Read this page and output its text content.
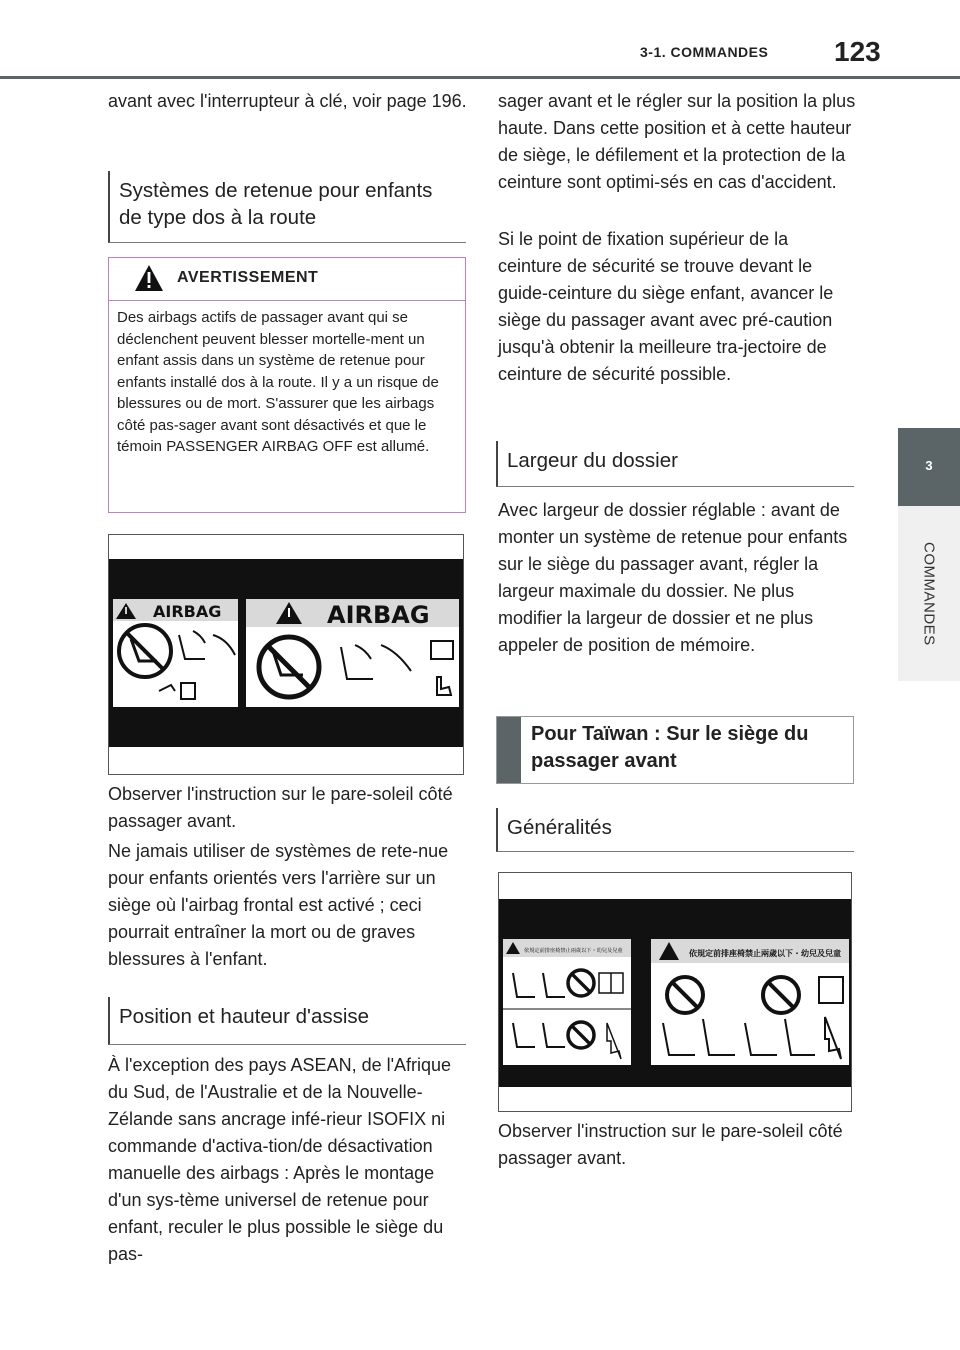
3-1. COMMANDES 123
3
COMMANDES
avant avec l'interrupteur à clé, voir page 196.
Systèmes de retenue pour enfants de type dos à la route
AVERTISSEMENT
Des airbags actifs de passager avant qui se déclenchent peuvent blesser mortelle-ment un enfant assis dans un système de retenue pour enfants installé dos à la route. Il y a un risque de blessures ou de mort. S'assurer que les airbags côté pas-sager avant sont désactivés et que le témoin PASSENGER AIRBAG OFF est allumé.
AIRBAG	AIRBAG
Observer l'instruction sur le pare-soleil côté passager avant.
Ne jamais utiliser de systèmes de rete-nue pour enfants orientés vers l'arrière sur un siège où l'airbag frontal est activé ; ceci pourrait entraîner la mort ou de graves blessures à l'enfant.
Position et hauteur d'assise
À l'exception des pays ASEAN, de l'Afrique du Sud, de l'Australie et de la Nouvelle-Zélande sans ancrage infé-rieur ISOFIX ni commande d'activa-tion/de désactivation manuelle des airbags : Après le montage d'un sys-tème universel de retenue pour enfant, reculer le plus possible le siège du pas-
sager avant et le régler sur la position la plus haute. Dans cette position et à cette hauteur de siège, le défilement et la protection de la ceinture sont optimi-sés en cas d'accident.
Si le point de fixation supérieur de la ceinture de sécurité se trouve devant le guide-ceinture du siège enfant, avancer le siège du passager avant avec pré-caution jusqu'à obtenir la meilleure tra-jectoire de ceinture de sécurité possible.
Largeur du dossier
Avec largeur de dossier réglable : avant de monter un système de retenue pour enfants sur le siège du passager avant, régler la largeur maximale du dossier. Ne plus modifier la largeur de dossier et ne plus appeler de position de mémoire.
Pour Taïwan : Sur le siège du passager avant
Généralités
依規定前排座椅禁止兩歲以下・幼兒及兒童	依規定前排座椅禁止兩歲以下・幼兒及兒童
Observer l'instruction sur le pare-soleil côté passager avant.
